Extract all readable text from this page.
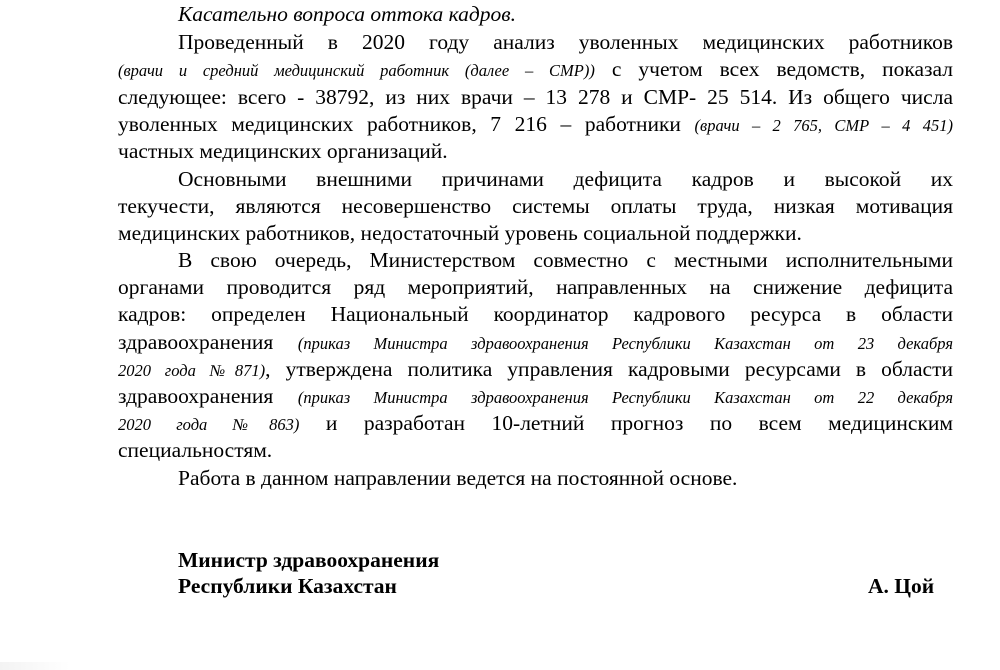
Касательно вопроса оттока кадров.
Проведенный в 2020 году анализ уволенных медицинских работников
(врачи и средний медицинский работник (далее – СМР)) с учетом всех ведомств, показал
следующее: всего - 38792, из них врачи – 13 278 и СМР- 25 514. Из общего числа
уволенных медицинских работников, 7 216 – работники (врачи – 2 765, СМР – 4 451)
частных медицинских организаций.
Основными внешними причинами дефицита кадров и высокой их
текучести, являются несовершенство системы оплаты труда, низкая мотивация
медицинских работников, недостаточный уровень социальной поддержки.
В свою очередь, Министерством совместно с местными исполнительными
органами проводится ряд мероприятий, направленных на снижение дефицита
кадров: определен Национальный координатор кадрового ресурса в области
здравоохранения (приказ Министра здравоохранения Республики Казахстан от 23 декабря
2020 года №871), утверждена политика управления кадровыми ресурсами в области
здравоохранения (приказ Министра здравоохранения Республики Казахстан от 22 декабря
2020 года №863) и разработан 10-летний прогноз по всем медицинским
специальностям.
Работа в данном направлении ведется на постоянной основе.
Министр здравоохранения
Республики Казахстан	А. Цой
